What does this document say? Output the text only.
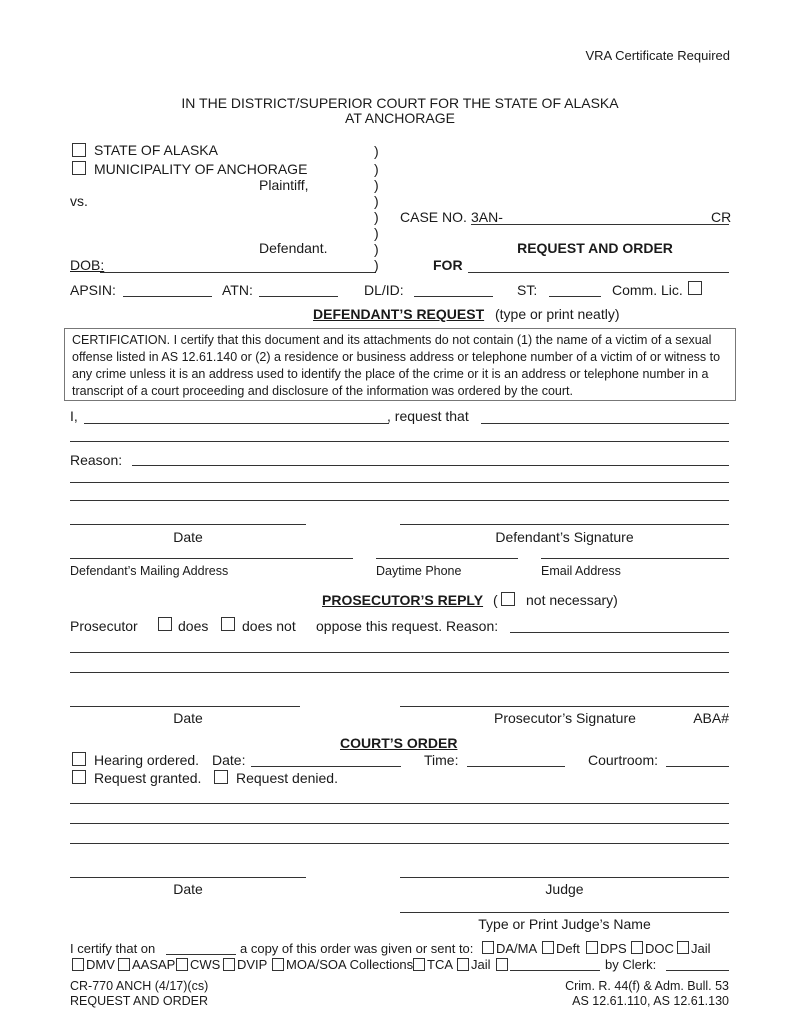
VRA Certificate Required
IN THE DISTRICT/SUPERIOR COURT FOR THE STATE OF ALASKA
AT ANCHORAGE
STATE OF ALASKA
MUNICIPALITY OF ANCHORAGE
Plaintiff,
vs.
Defendant.
DOB:
)
)
)
)
)
)
)
)
CASE NO. 3AN-	CR
REQUEST AND ORDER
FOR
APSIN:	ATN:	DL/ID:	ST:	Comm. Lic.
DEFENDANT’S REQUEST (type or print neatly)
CERTIFICATION. I certify that this document and its attachments do not contain (1) the name of a victim of a sexual offense listed in AS 12.61.140 or (2) a residence or business address or telephone number of a victim of or witness to any crime unless it is an address used to identify the place of the crime or it is an address or telephone number in a transcript of a court proceeding and disclosure of the information was ordered by the court.
I,	, request that
Reason:
Date	Defendant’s Signature
Defendant’s Mailing Address	Daytime Phone	Email Address
PROSECUTOR’S REPLY ( not necessary)
Prosecutor	does does not oppose this request. Reason:
Date	Prosecutor’s Signature	ABA#
COURT’S ORDER
Hearing ordered. Date:	Time:	Courtroom:
Request granted. Request denied.
Date	Judge
Type or Print Judge’s Name
I certify that on	a copy of this order was given or sent to: DA/MA Deft DPS DOC Jail
DMV AASAP CWS DVIP MOA/SOA Collections TCA Jail	by Clerk:
CR-770 ANCH (4/17)(cs)
REQUEST AND ORDER
Crim. R. 44(f) & Adm. Bull. 53
AS 12.61.110, AS 12.61.130
